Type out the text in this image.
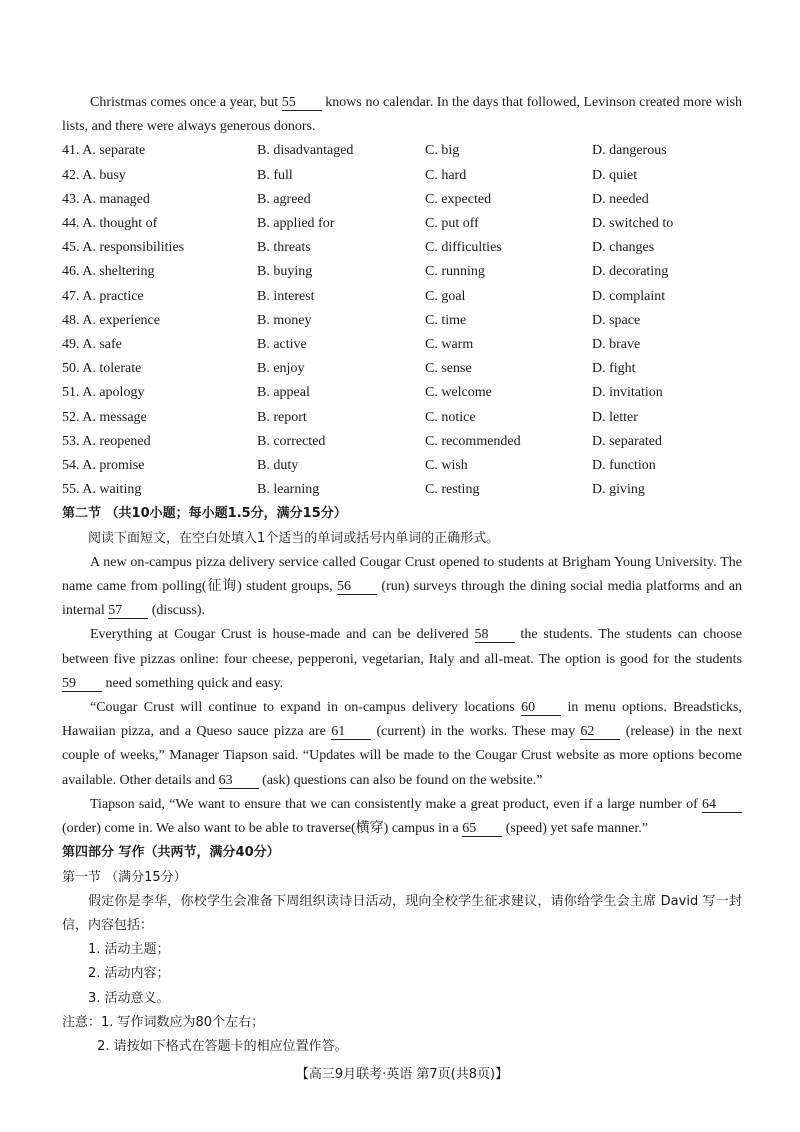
Christmas comes once a year, but 55 knows no calendar. In the days that followed, Levinson created more wish lists, and there were always generous donors.

41. A. separate	B. disadvantaged	C. big	D. dangerous
42. A. busy	B. full	C. hard	D. quiet
43. A. managed	B. agreed	C. expected	D. needed
44. A. thought of	B. applied for	C. put off	D. switched to
45. A. responsibilities	B. threats	C. difficulties	D. changes
46. A. sheltering	B. buying	C. running	D. decorating
47. A. practice	B. interest	C. goal	D. complaint
48. A. experience	B. money	C. time	D. space
49. A. safe	B. active	C. warm	D. brave
50. A. tolerate	B. enjoy	C. sense	D. fight
51. A. apology	B. appeal	C. welcome	D. invitation
52. A. message	B. report	C. notice	D. letter
53. A. reopened	B. corrected	C. recommended	D. separated
54. A. promise	B. duty	C. wish	D. function
55. A. waiting	B. learning	C. resting	D. giving
第二节 （共10小题；每小题1.5分，满分15分）
阅读下面短文，在空白处填入1个适当的单词或括号内单词的正确形式。

A new on-campus pizza delivery service called Cougar Crust opened to students at Brigham Young University. The name came from polling(征询) student groups, 56 (run) surveys through the dining social media platforms and an internal 57 (discuss).

Everything at Cougar Crust is house-made and can be delivered 58 the students. The students can choose between five pizzas online: four cheese, pepperoni, vegetarian, Italy and all-meat. The option is good for the students 59 need something quick and easy.

“Cougar Crust will continue to expand in on-campus delivery locations 60 in menu options. Breadsticks, Hawaiian pizza, and a Queso sauce pizza are 61 (current) in the works. These may 62 (release) in the next couple of weeks,” Manager Tiapson said. “Updates will be made to the Cougar Crust website as more options become available. Other details and 63 (ask) questions can also be found on the website.”

Tiapson said, “We want to ensure that we can consistently make a great product, even if a large number of 64 (order) come in. We also want to be able to traverse(横穿) campus in a 65 (speed) yet safe manner.”

第四部分 写作（共两节，满分40分）
第一节 （满分15分）

假定你是李华，你校学生会准备下周组织读诗日活动，现向全校学生征求建议，请你给学生会主席 David 写一封信，内容包括：

1. 活动主题；
2. 活动内容；
3. 活动意义。
注意：1. 写作词数应为80个左右；
2. 请按如下格式在答题卡的相应位置作答。
【高三9月联考·英语 第7页(共8页)】
